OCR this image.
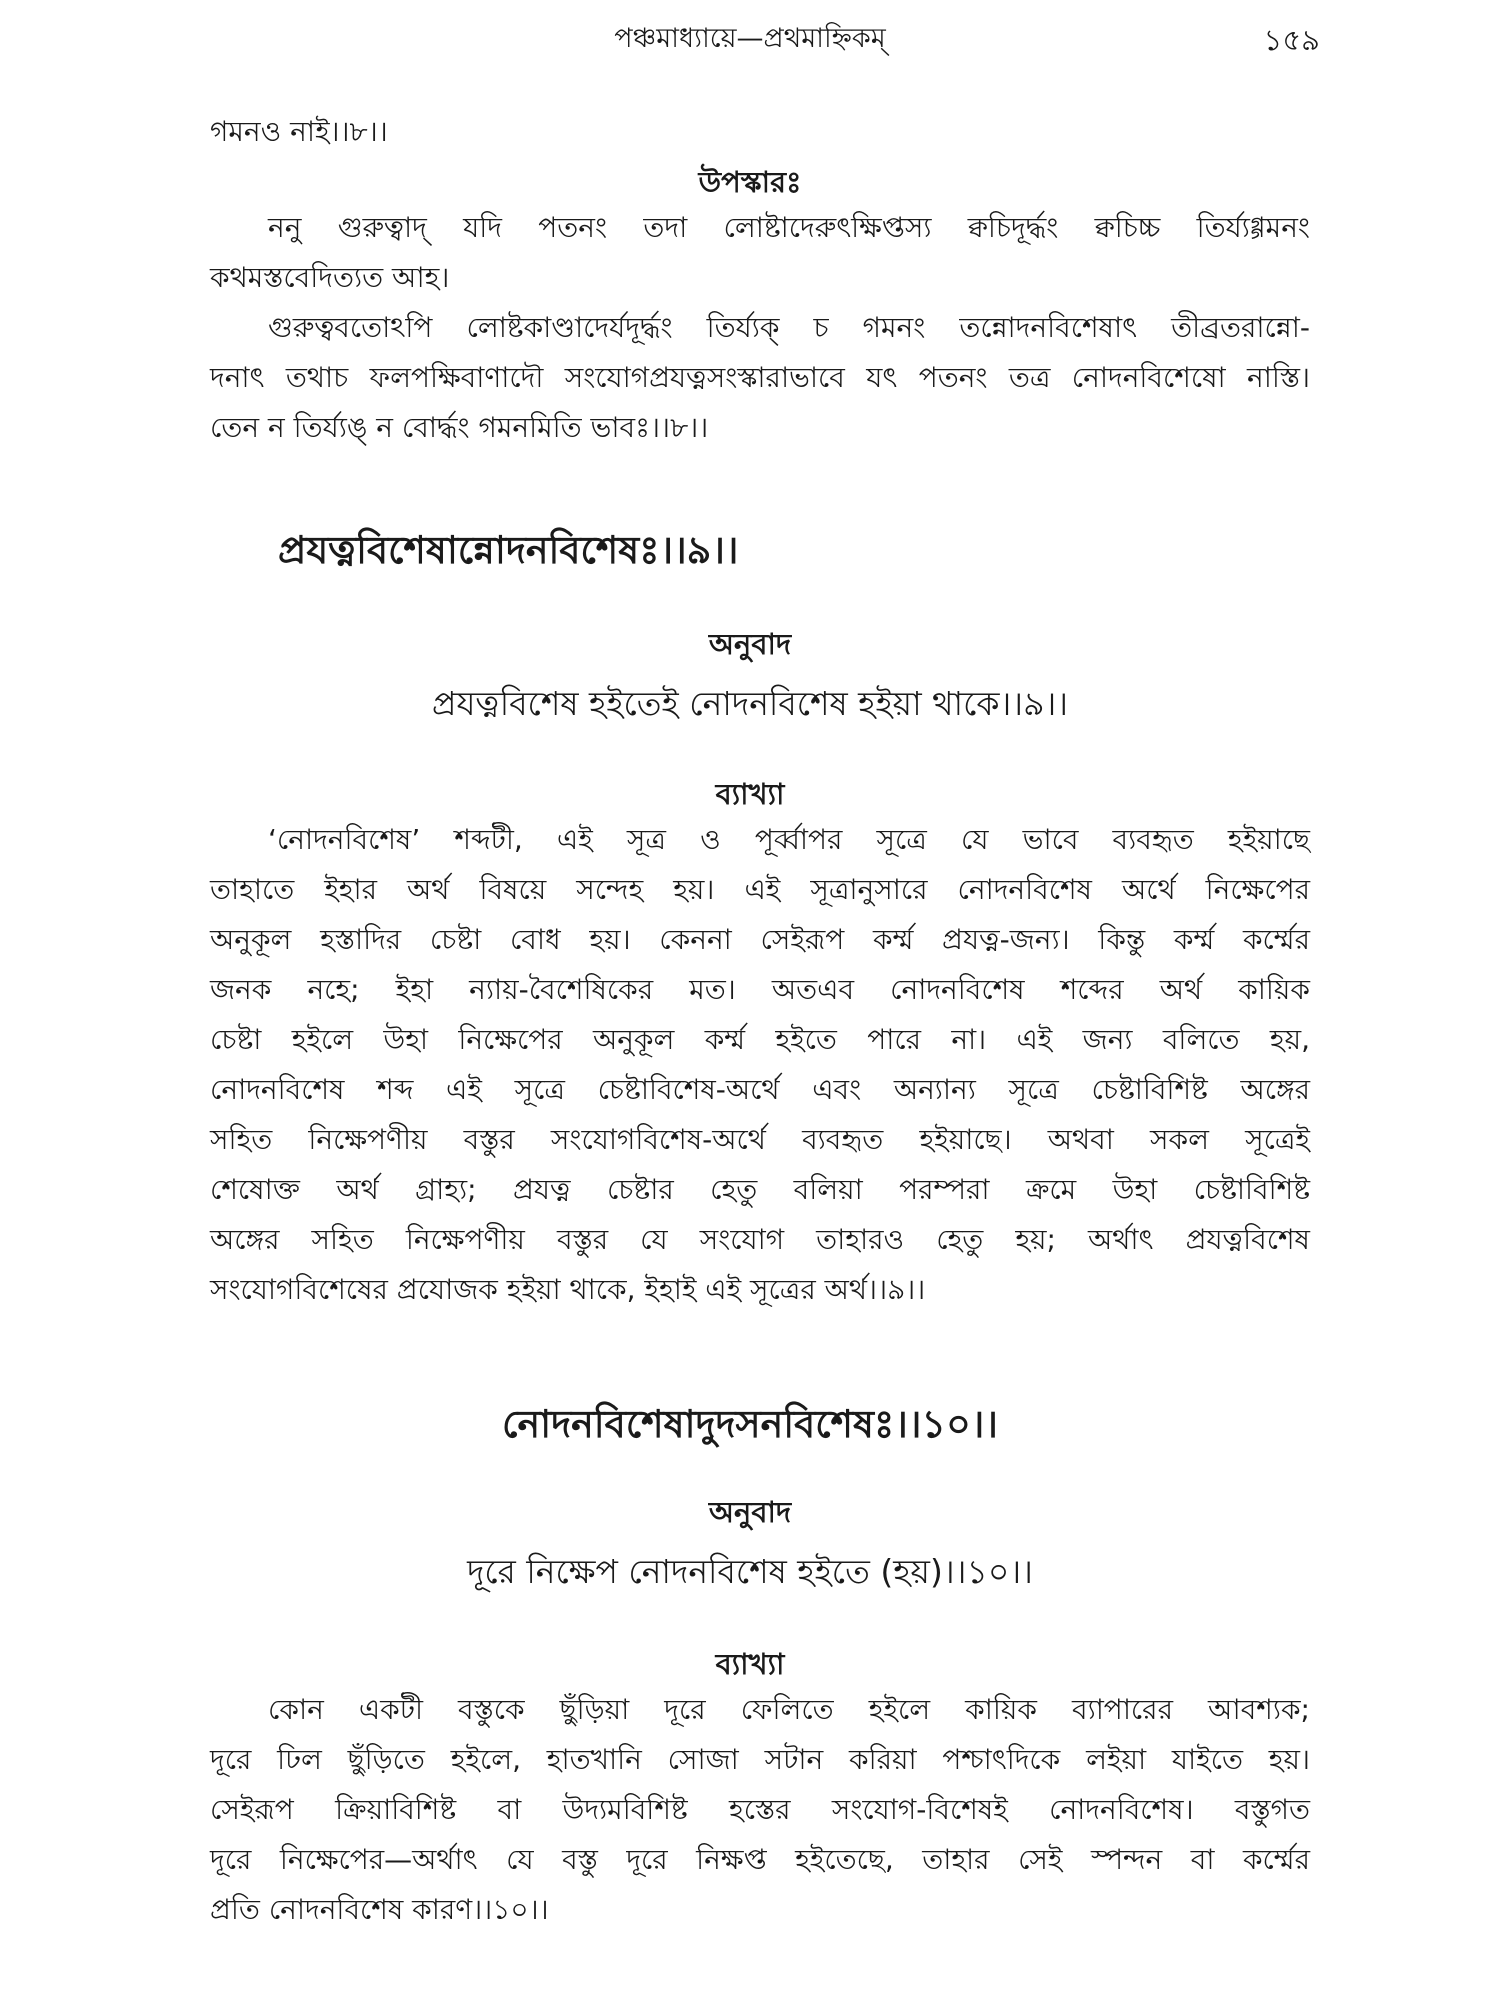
পঞ্চমাধ্যায়ে—প্রথমাহ্নিকম্	১৫৯
গমনও নাই।।৮।।
উপস্কারঃ
ননু গুরুত্বাদ্ যদি পতনং তদা লোষ্টাদেরুৎক্ষিপ্তস্য ক্বচিদূর্দ্ধং ক্বচিচ্চ তির্য্যগ্গমনং
কথমস্তবেদিত্যত আহ।
গুরুত্ববতোঽপি লোষ্টকাণ্ডাদের্যদূর্দ্ধং তির্য্যক্ চ গমনং তন্নোদনবিশেষাৎ তীব্রতরান্নো-
দনাৎ তথাচ ফলপক্ষিবাণাদৌ সংযোগপ্রযত্নসংস্কারাভাবে যৎ পতনং তত্র নোদনবিশেষো নাস্তি।
তেন ন তির্য্যঙ্ ন বোর্দ্ধং গমনমিতি ভাবঃ।।৮।।
প্রযত্নবিশেষান্নোদনবিশেষঃ।।৯।।
অনুবাদ
প্রযত্নবিশেষ হইতেই নোদনবিশেষ হইয়া থাকে।।৯।।
ব্যাখ্যা
‘নোদনবিশেষ’ শব্দটী, এই সূত্র ও পূর্ব্বাপর সূত্রে যে ভাবে ব্যবহৃত হইয়াছে
তাহাতে ইহার অর্থ বিষয়ে সন্দেহ হয়। এই সূত্রানুসারে নোদনবিশেষ অর্থে নিক্ষেপের
অনুকূল হস্তাদির চেষ্টা বোধ হয়। কেননা সেইরূপ কর্ম্ম প্রযত্ন-জন্য। কিন্তু কর্ম্ম কর্ম্মের
জনক নহে; ইহা ন্যায়-বৈশেষিকের মত। অতএব নোদনবিশেষ শব্দের অর্থ কায়িক
চেষ্টা হইলে উহা নিক্ষেপের অনুকূল কর্ম্ম হইতে পারে না। এই জন্য বলিতে হয়,
নোদনবিশেষ শব্দ এই সূত্রে চেষ্টাবিশেষ-অর্থে এবং অন্যান্য সূত্রে চেষ্টাবিশিষ্ট অঙ্গের
সহিত নিক্ষেপণীয় বস্তুর সংযোগবিশেষ-অর্থে ব্যবহৃত হইয়াছে। অথবা সকল সূত্রেই
শেষোক্ত অর্থ গ্রাহ্য; প্রযত্ন চেষ্টার হেতু বলিয়া পরম্পরা ক্রমে উহা চেষ্টাবিশিষ্ট
অঙ্গের সহিত নিক্ষেপণীয় বস্তুর যে সংযোগ তাহারও হেতু হয়; অর্থাৎ প্রযত্নবিশেষ
সংযোগবিশেষের প্রযোজক হইয়া থাকে, ইহাই এই সূত্রের অর্থ।।৯।।
নোদনবিশেষাদুদসনবিশেষঃ।।১০।।
অনুবাদ
দূরে নিক্ষেপ নোদনবিশেষ হইতে (হয়)।।১০।।
ব্যাখ্যা
কোন একটী বস্তুকে ছুঁড়িয়া দূরে ফেলিতে হইলে কায়িক ব্যাপারের আবশ্যক;
দূরে ঢিল ছুঁড়িতে হইলে, হাতখানি সোজা সটান করিয়া পশ্চাৎদিকে লইয়া যাইতে হয়।
সেইরূপ ক্রিয়াবিশিষ্ট বা উদ্যমবিশিষ্ট হস্তের সংযোগ-বিশেষই নোদনবিশেষ। বস্তুগত
দূরে নিক্ষেপের—অর্থাৎ যে বস্তু দূরে নিক্ষপ্ত হইতেছে, তাহার সেই স্পন্দন বা কর্ম্মের
প্রতি নোদনবিশেষ কারণ।।১০।।
